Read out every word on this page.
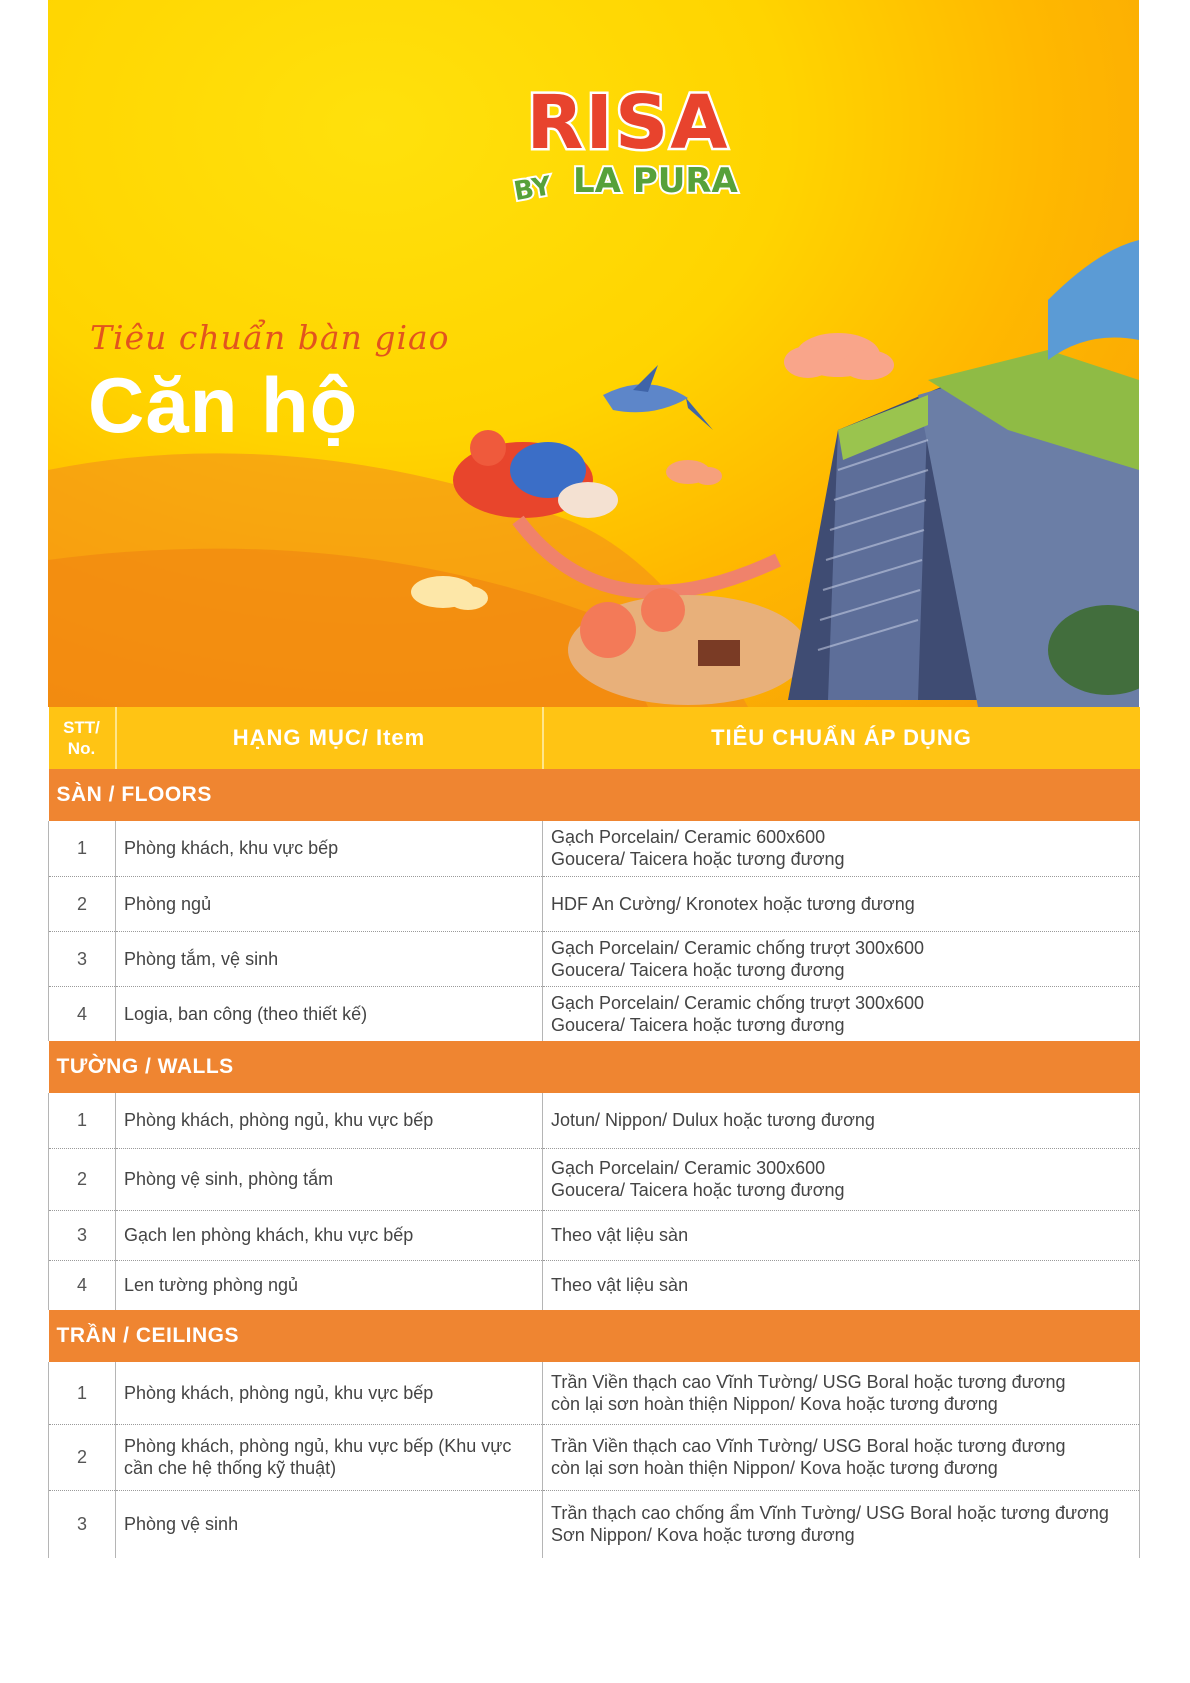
RISA
BY LA PURA
Tiêu chuẩn bàn giao
Căn hộ
STT/
No.	HẠNG MỤC/ Item	TIÊU CHUẨN ÁP DỤNG
SÀN / FLOORS		
1	Phòng khách, khu vực bếp	Gạch Porcelain/ Ceramic 600x600
Goucera/ Taicera hoặc tương đương

2	Phòng ngủ	HDF An Cường/ Kronotex hoặc tương đương

3	Phòng tắm, vệ sinh	Gạch Porcelain/ Ceramic chống trượt 300x600
Goucera/ Taicera hoặc tương đương

4	Logia, ban công (theo thiết kế)	Gạch Porcelain/ Ceramic chống trượt 300x600
Goucera/ Taicera hoặc tương đương

TƯỜNG / WALLS		
1	Phòng khách, phòng ngủ, khu vực bếp	Jotun/ Nippon/ Dulux hoặc tương đương

2	Phòng vệ sinh, phòng tắm	Gạch Porcelain/ Ceramic 300x600
Goucera/ Taicera hoặc tương đương

3	Gạch len phòng khách, khu vực bếp	Theo vật liệu sàn

4	Len tường phòng ngủ	Theo vật liệu sàn

TRẦN / CEILINGS		
1	Phòng khách, phòng ngủ, khu vực bếp	Trần Viền thạch cao Vĩnh Tường/ USG Boral hoặc tương đương
còn lại sơn hoàn thiện Nippon/ Kova hoặc tương đương

2	Phòng khách, phòng ngủ, khu vực bếp (Khu vực cần che hệ thống kỹ thuật)	Trần Viền thạch cao Vĩnh Tường/ USG Boral hoặc tương đương
còn lại sơn hoàn thiện Nippon/ Kova hoặc tương đương

3	Phòng vệ sinh	Trần thạch cao chống ẩm Vĩnh Tường/ USG Boral hoặc tương đương
Sơn Nippon/ Kova hoặc tương đương
